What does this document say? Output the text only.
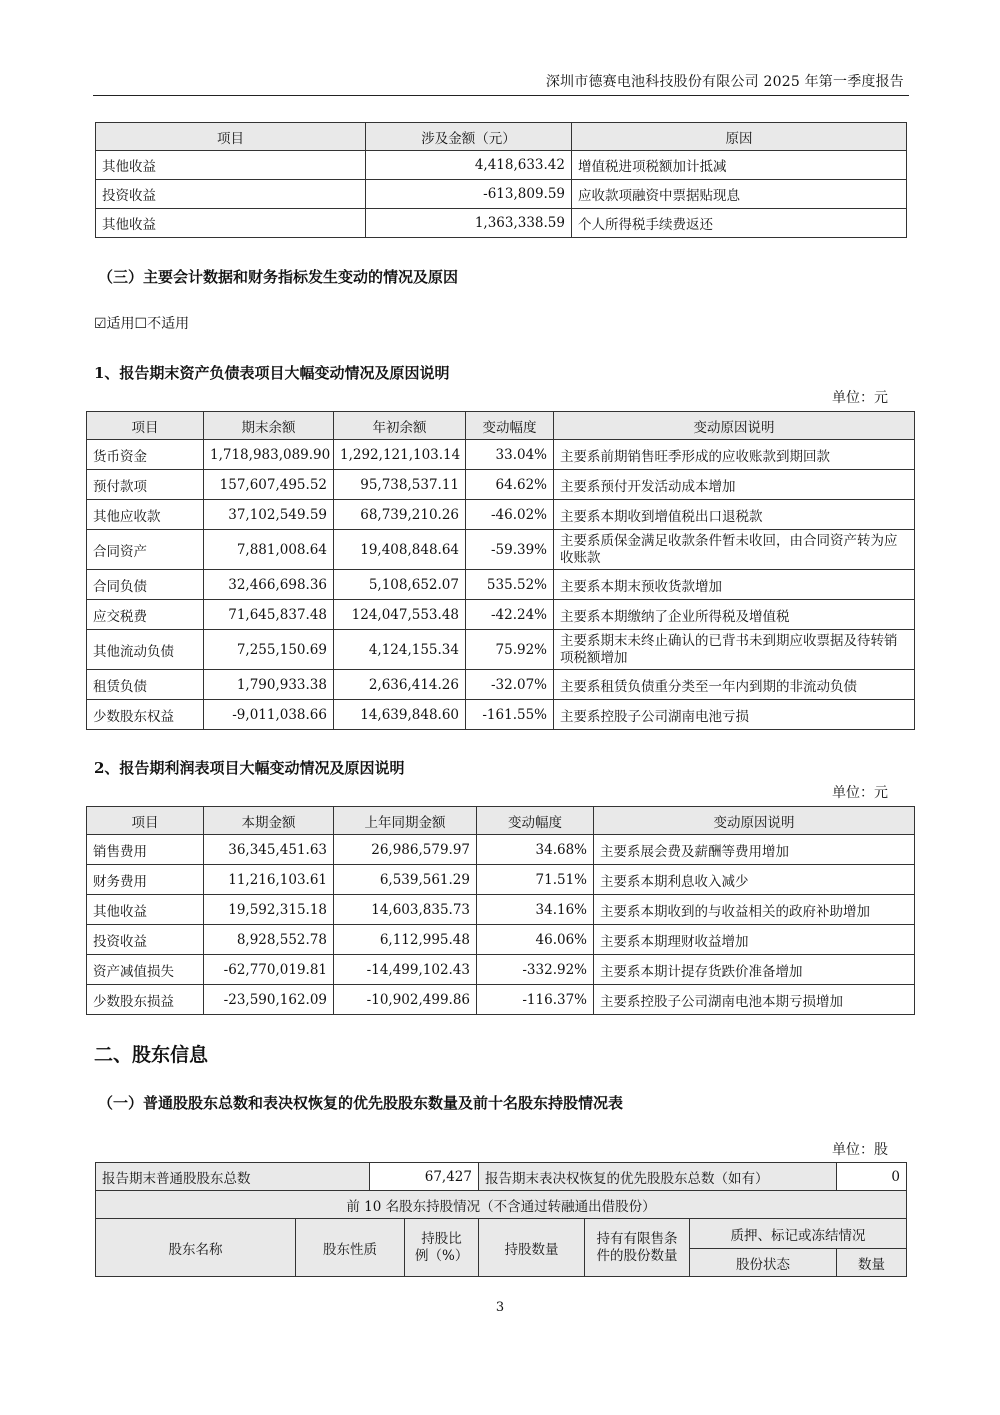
深圳市德赛电池科技股份有限公司 2025 年第一季度报告
项目	涉及金额（元）	原因
其他收益	4,418,633.42	增值税进项税额加计抵减
投资收益	-613,809.59	应收款项融资中票据贴现息
其他收益	1,363,338.59	个人所得税手续费返还
（三）主要会计数据和财务指标发生变动的情况及原因
☑适用☐不适用
1、报告期末资产负债表项目大幅变动情况及原因说明
单位：元
项目	期末余额	年初余额	变动幅度	变动原因说明
货币资金	1,718,983,089.90	1,292,121,103.14	33.04%	主要系前期销售旺季形成的应收账款到期回款
预付款项	157,607,495.52	95,738,537.11	64.62%	主要系预付开发活动成本增加
其他应收款	37,102,549.59	68,739,210.26	-46.02%	主要系本期收到增值税出口退税款
合同资产	7,881,008.64	19,408,848.64	-59.39%	主要系质保金满足收款条件暂未收回，由合同资产转为应收账款
合同负债	32,466,698.36	5,108,652.07	535.52%	主要系本期末预收货款增加
应交税费	71,645,837.48	124,047,553.48	-42.24%	主要系本期缴纳了企业所得税及增值税
其他流动负债	7,255,150.69	4,124,155.34	75.92%	主要系期末未终止确认的已背书未到期应收票据及待转销项税额增加
租赁负债	1,790,933.38	2,636,414.26	-32.07%	主要系租赁负债重分类至一年内到期的非流动负债
少数股东权益	-9,011,038.66	14,639,848.60	-161.55%	主要系控股子公司湖南电池亏损
2、报告期利润表项目大幅变动情况及原因说明
单位：元
项目	本期金额	上年同期金额	变动幅度	变动原因说明
销售费用	36,345,451.63	26,986,579.97	34.68%	主要系展会费及薪酬等费用增加
财务费用	11,216,103.61	6,539,561.29	71.51%	主要系本期利息收入减少
其他收益	19,592,315.18	14,603,835.73	34.16%	主要系本期收到的与收益相关的政府补助增加
投资收益	8,928,552.78	6,112,995.48	46.06%	主要系本期理财收益增加
资产减值损失	-62,770,019.81	-14,499,102.43	-332.92%	主要系本期计提存货跌价准备增加
少数股东损益	-23,590,162.09	-10,902,499.86	-116.37%	主要系控股子公司湖南电池本期亏损增加
二、股东信息
（一）普通股股东总数和表决权恢复的优先股股东数量及前十名股东持股情况表
单位：股
报告期末普通股股东总数		67,427		报告期末表决权恢复的优先股股东总数（如有）			0
前 10 名股东持股情况（不含通过转融通出借股份）							
股东名称	股东性质		持股比例（%）	持股数量	持有有限售条件的股份数量	质押、标记或冻结情况	
						股份状态	数量
3
